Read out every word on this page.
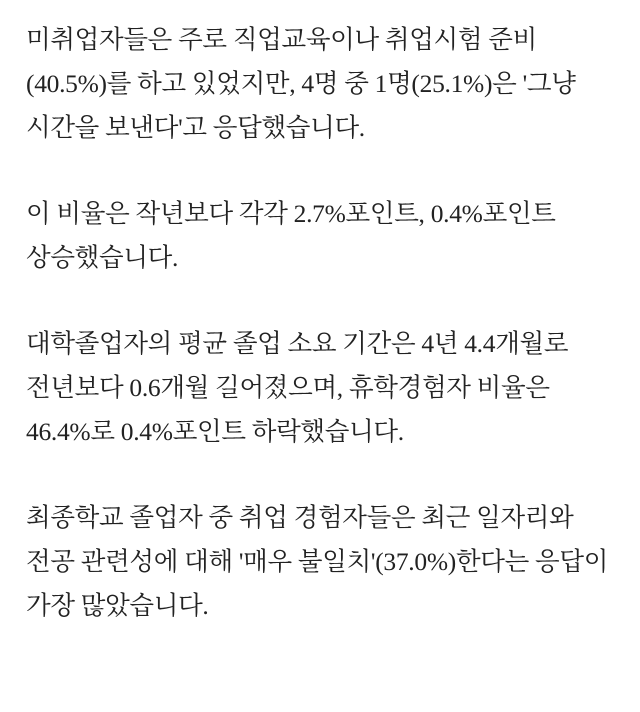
미취업자들은 주로 직업교육이나 취업시험 준비(40.5%)를 하고 있었지만, 4명 중 1명(25.1%)은 '그냥 시간을 보낸다'고 응답했습니다.

이 비율은 작년보다 각각 2.7%포인트, 0.4%포인트 상승했습니다.

대학졸업자의 평균 졸업 소요 기간은 4년 4.4개월로 전년보다 0.6개월 길어졌으며, 휴학경험자 비율은 46.4%로 0.4%포인트 하락했습니다.

최종학교 졸업자 중 취업 경험자들은 최근 일자리와 전공 관련성에 대해 '매우 불일치'(37.0%)한다는 응답이 가장 많았습니다.
